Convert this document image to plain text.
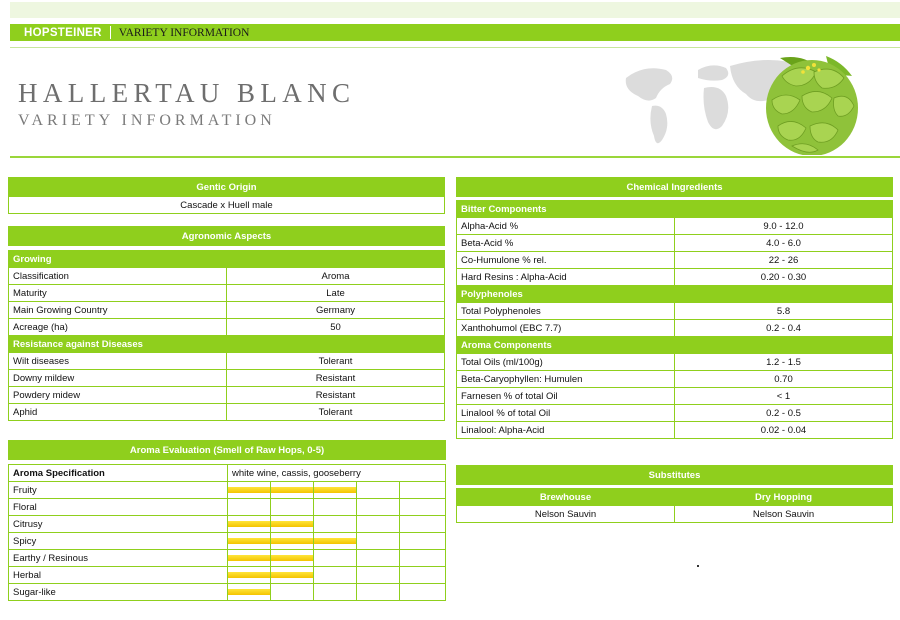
HOPSTEINER VARIETY INFORMATION
HALLERTAU BLANC
VARIETY INFORMATION
Gentic Origin
Cascade x Huell male
Agronomic Aspects	

Growing	
Classification	Aroma
Maturity	Late
Main Growing Country	Germany
Acreage (ha)	50
Resistance against Diseases	
Wilt diseases	Tolerant
Downy mildew	Resistant
Powdery midew	Resistant
Aphid	Tolerant
Aroma Evaluation (Smell of Raw Hops, 0-5)					

Aroma Specification	white wine, cassis, gooseberry				
Fruity	

Floral					
Citrusy	

Spicy	

Earthy / Resinous	

Herbal	

Sugar-like	

Chemical Ingredients	

Bitter Components	
Alpha-Acid %	9.0 - 12.0
Beta-Acid %	4.0 - 6.0
Co-Humulone % rel.	22 - 26
Hard Resins : Alpha-Acid	0.20 - 0.30
Polyphenoles	
Total Polyphenoles	5.8
Xanthohumol (EBC 7.7)	0.2 - 0.4
Aroma Components	
Total Oils (ml/100g)	1.2 - 1.5
Beta-Caryophyllen: Humulen	0.70
Farnesen % of total Oil	< 1
Linalool % of total Oil	0.2 - 0.5
Linalool: Alpha-Acid	0.02 - 0.04
Substitutes	

Brewhouse	Dry Hopping
Nelson Sauvin	Nelson Sauvin
